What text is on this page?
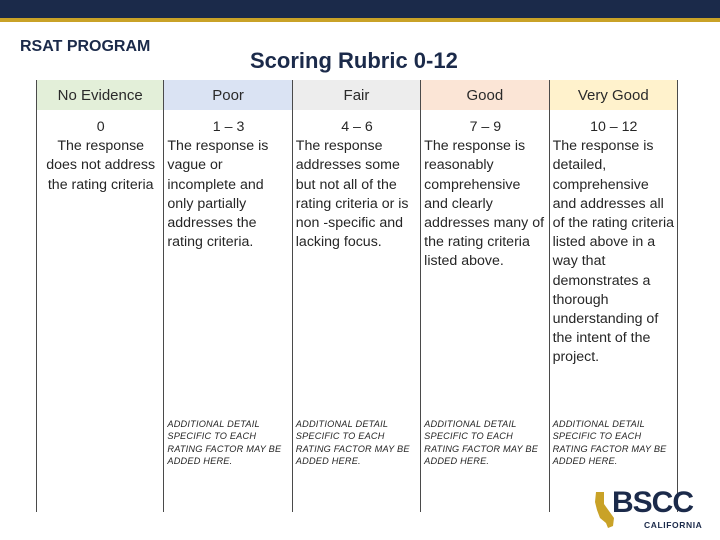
RSAT PROGRAM
Scoring Rubric 0-12
No Evidence
0
The response does not address the rating criteria
Poor
1 – 3
The response is vague or incomplete and only partially addresses the rating criteria.
ADDITIONAL DETAIL SPECIFIC TO EACH RATING FACTOR MAY BE ADDED HERE.
Fair
4 – 6
The response addresses some but not all of the rating criteria or is non -specific and lacking focus.
ADDITIONAL DETAIL SPECIFIC TO EACH RATING FACTOR MAY BE ADDED HERE.
Good
7 – 9
The response is reasonably comprehensive and clearly addresses many of the rating criteria listed above.
ADDITIONAL DETAIL SPECIFIC TO EACH RATING FACTOR MAY BE ADDED HERE.
Very Good
10 – 12
The response is detailed, comprehensive and addresses all of the rating criteria listed above in a way that demonstrates a thorough understanding of the intent of the project.
ADDITIONAL DETAIL SPECIFIC TO EACH RATING FACTOR MAY BE ADDED HERE.
BSCC
CALIFORNIA
